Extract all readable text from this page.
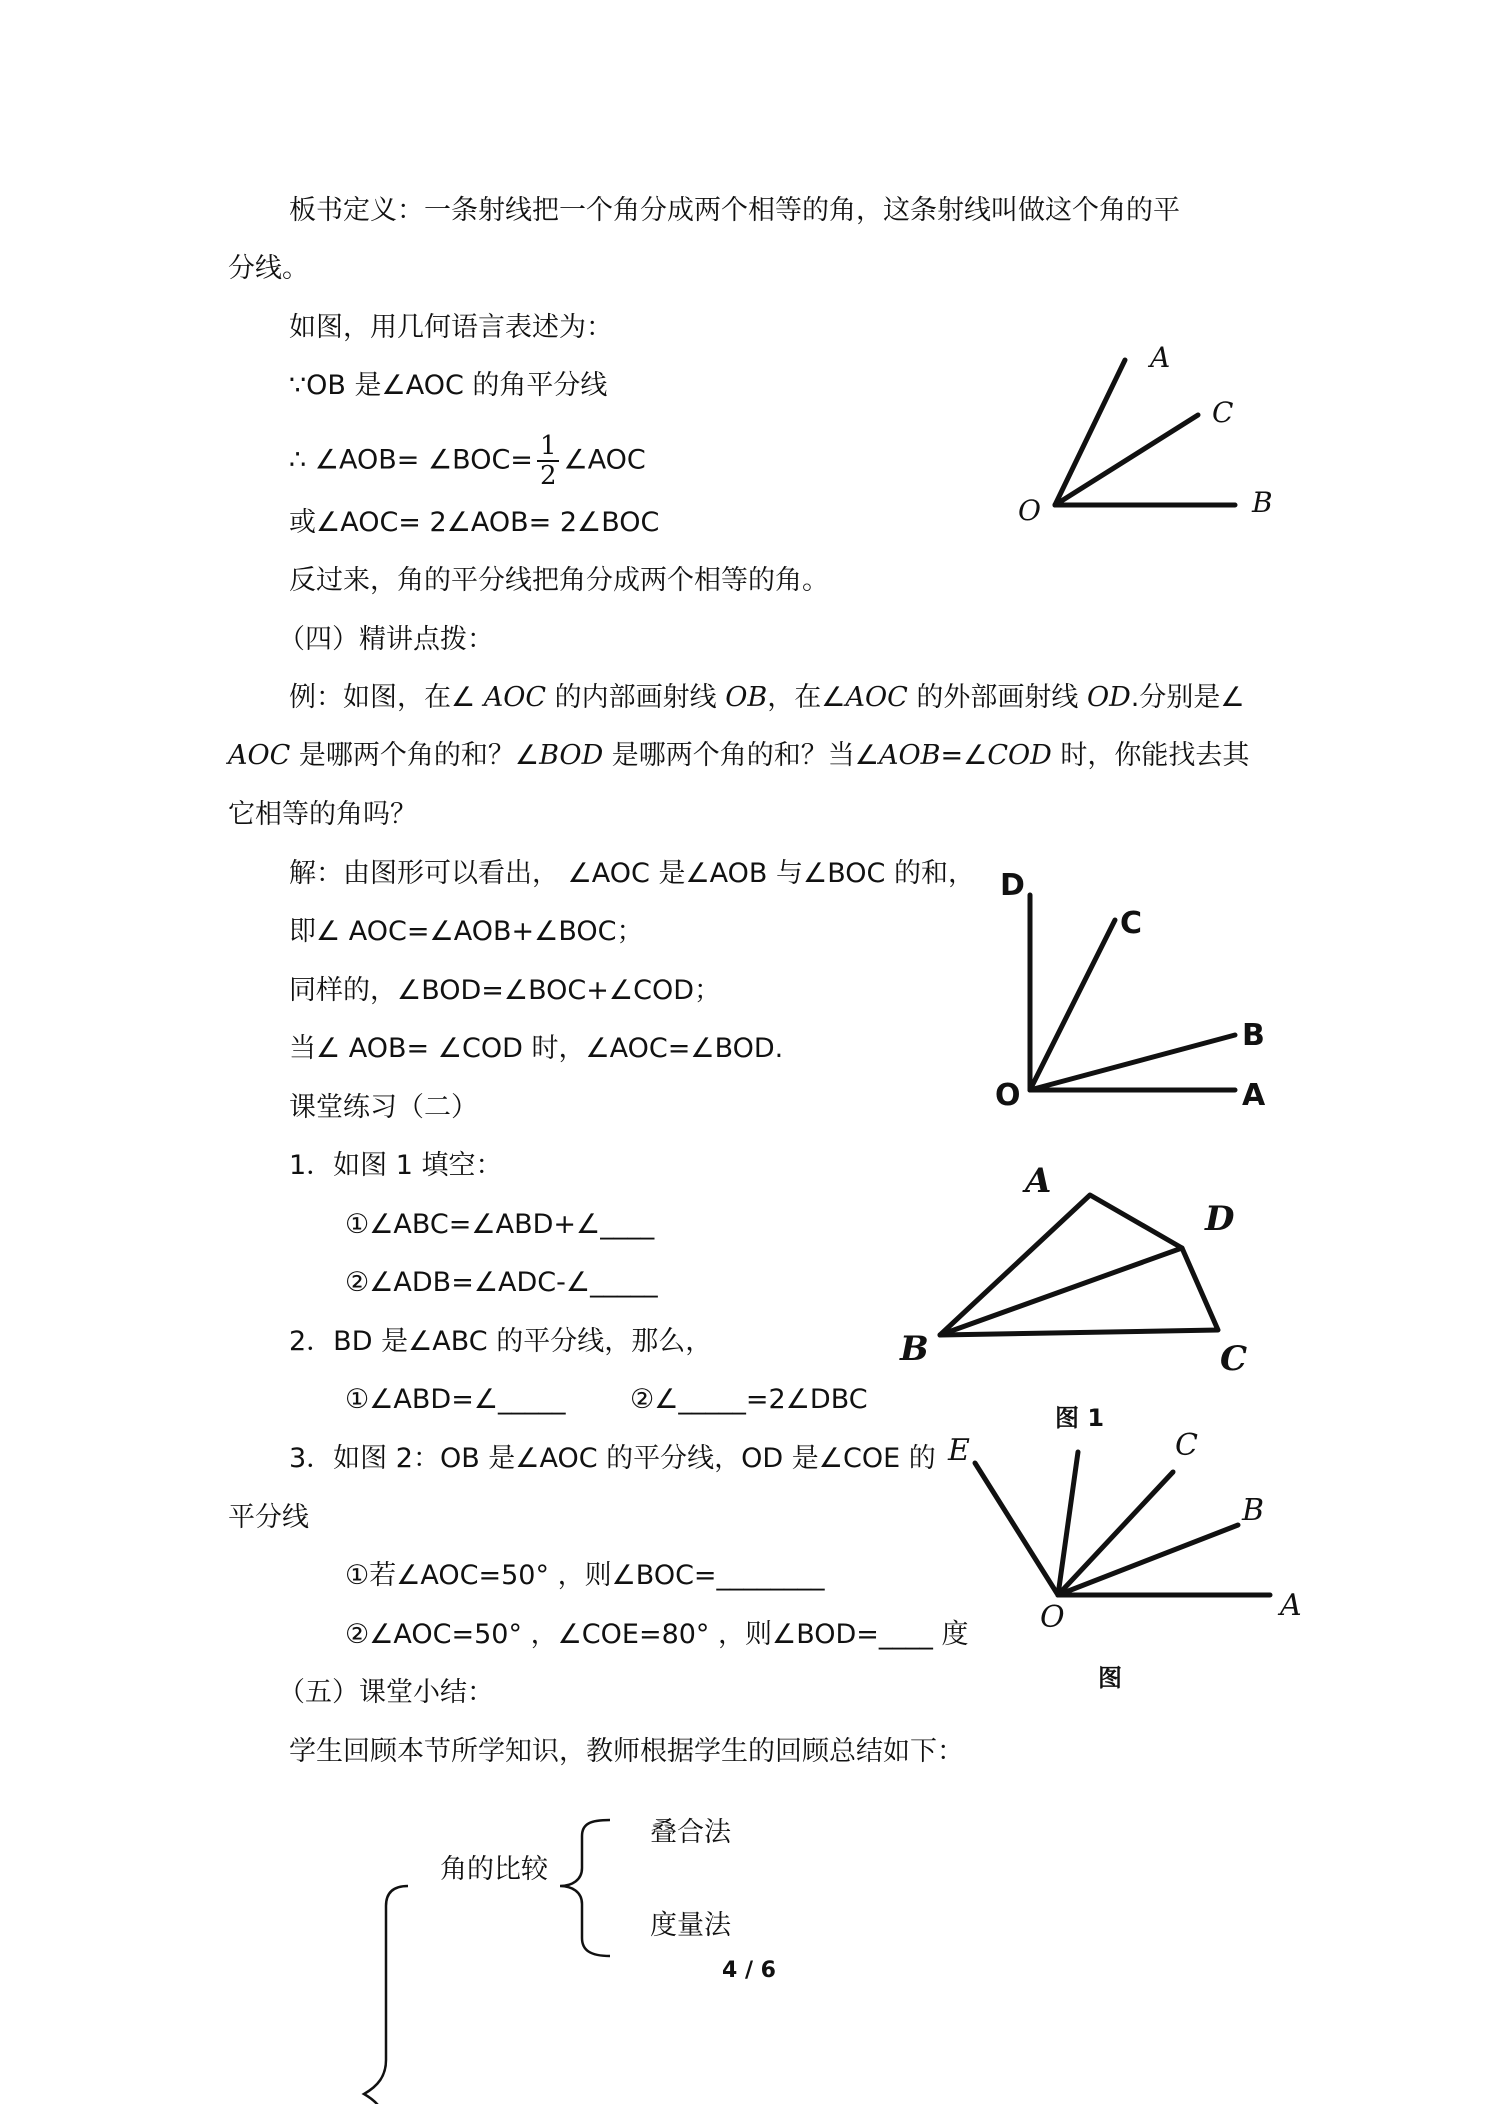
板书定义：一条射线把一个角分成两个相等的角，这条射线叫做这个角的平
分线。
如图，用几何语言表述为：
∵OB 是∠AOC 的角平分线
∴ ∠AOB= ∠BOC= $\frac{1}{2}$ ∠AOC
或∠AOC= 2∠AOB= 2∠BOC
反过来，角的平分线把角分成两个相等的角。
A
C
O	B
（四）精讲点拨：
例：如图，在∠ AOC 的内部画射线 OB，在∠AOC 的外部画射线 OD.分别是∠
AOC 是哪两个角的和？∠BOD 是哪两个角的和？当∠AOB=∠COD 时，你能找去其
它相等的角吗？
解：由图形可以看出， ∠AOC 是∠AOB 与∠BOC 的和，
即∠ AOC=∠AOB+∠BOC；
同样的，∠BOD=∠BOC+∠COD；
当∠ AOB= ∠COD 时，∠AOC=∠BOD.
D
C
B
O	A
课堂练习（二）
1．如图 1 填空：
①∠ABC=∠ABD+∠____
②∠ADB=∠ADC-∠_____
2．BD 是∠ABC 的平分线，那么，
①∠ABD=∠_____ ②∠_____=2∠DBC
3．如图 2：OB 是∠AOC 的平分线，OD 是∠COE 的
平分线
①若∠AOC=50° ，则∠BOC=________
②∠AOC=50° ，∠COE=80° ，则∠BOD=____ 度
A
D
B	C
图 1
E	C
B
O	A
图
（五）课堂小结：
学生回顾本节所学知识，教师根据学生的回顾总结如下：
角的比较
叠合法
度量法
4 / 6
